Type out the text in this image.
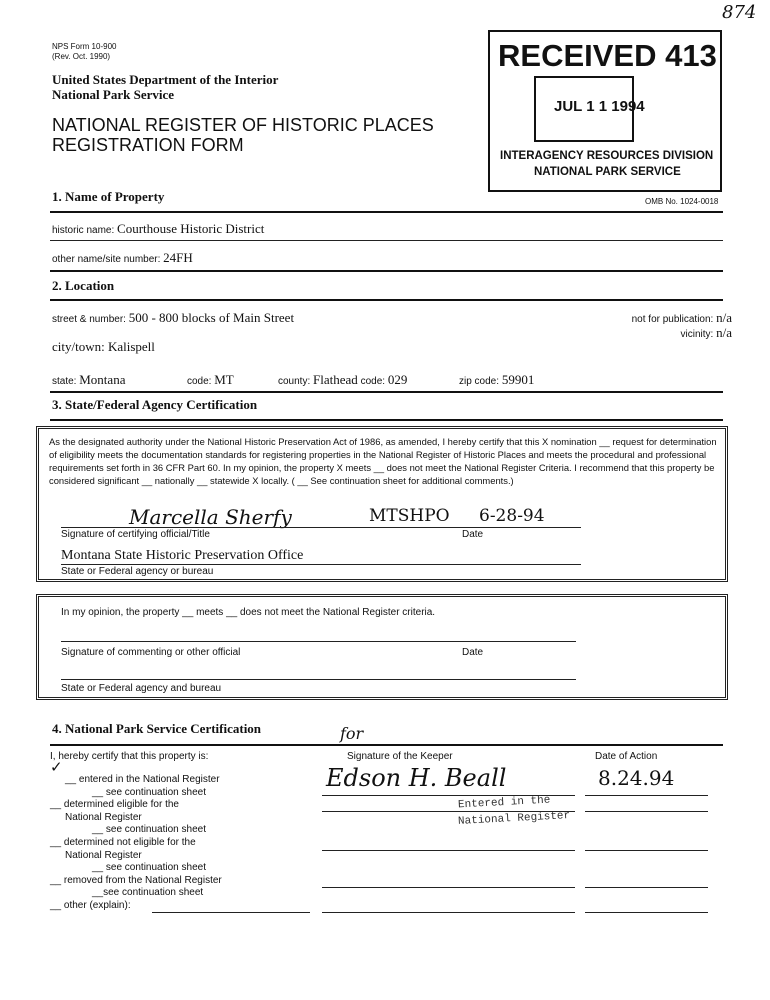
NPS Form 10-900
(Rev. Oct. 1990)
United States Department of the Interior
National Park Service
NATIONAL REGISTER OF HISTORIC PLACES
REGISTRATION FORM
OMB No. 1024-0018
874
RECEIVED 413
JUL 1 1 1994
INTERAGENCY RESOURCES DIVISION
NATIONAL PARK SERVICE
1. Name of Property
historic name: Courthouse Historic District
other name/site number: 24FH
2. Location
street & number: 500 - 800 blocks of Main Street	not for publication: n/a
vicinity: n/a
city/town: Kalispell
state: Montana	code: MT	county: Flathead code: 029	zip code: 59901
3. State/Federal Agency Certification
As the designated authority under the National Historic Preservation Act of 1986, as amended, I hereby certify that this X nomination __ request for determination of eligibility meets the documentation standards for registering properties in the National Register of Historic Places and meets the procedural and professional requirements set forth in 36 CFR Part 60. In my opinion, the property X meets __ does not meet the National Register Criteria. I recommend that this property be considered significant __ nationally __ statewide X locally. ( __ See continuation sheet for additional comments.)
Marcella Sherfy	MTSHPO 6-28-94
Signature of certifying official/Title	Date
Montana State Historic Preservation Office
State or Federal agency or bureau
In my opinion, the property __ meets __ does not meet the National Register criteria.
Signature of commenting or other official	Date
State or Federal agency and bureau
4. National Park Service Certification
I, hereby certify that this property is:	Signature of the Keeper	Date of Action
for
Edson H. Beall	8.24.94
✓
Entered in the
National Register
__ entered in the National Register
__ see continuation sheet
__ determined eligible for the
National Register
__ see continuation sheet
__ determined not eligible for the
National Register
__ see continuation sheet
__ removed from the National Register
__see continuation sheet
__ other (explain):
